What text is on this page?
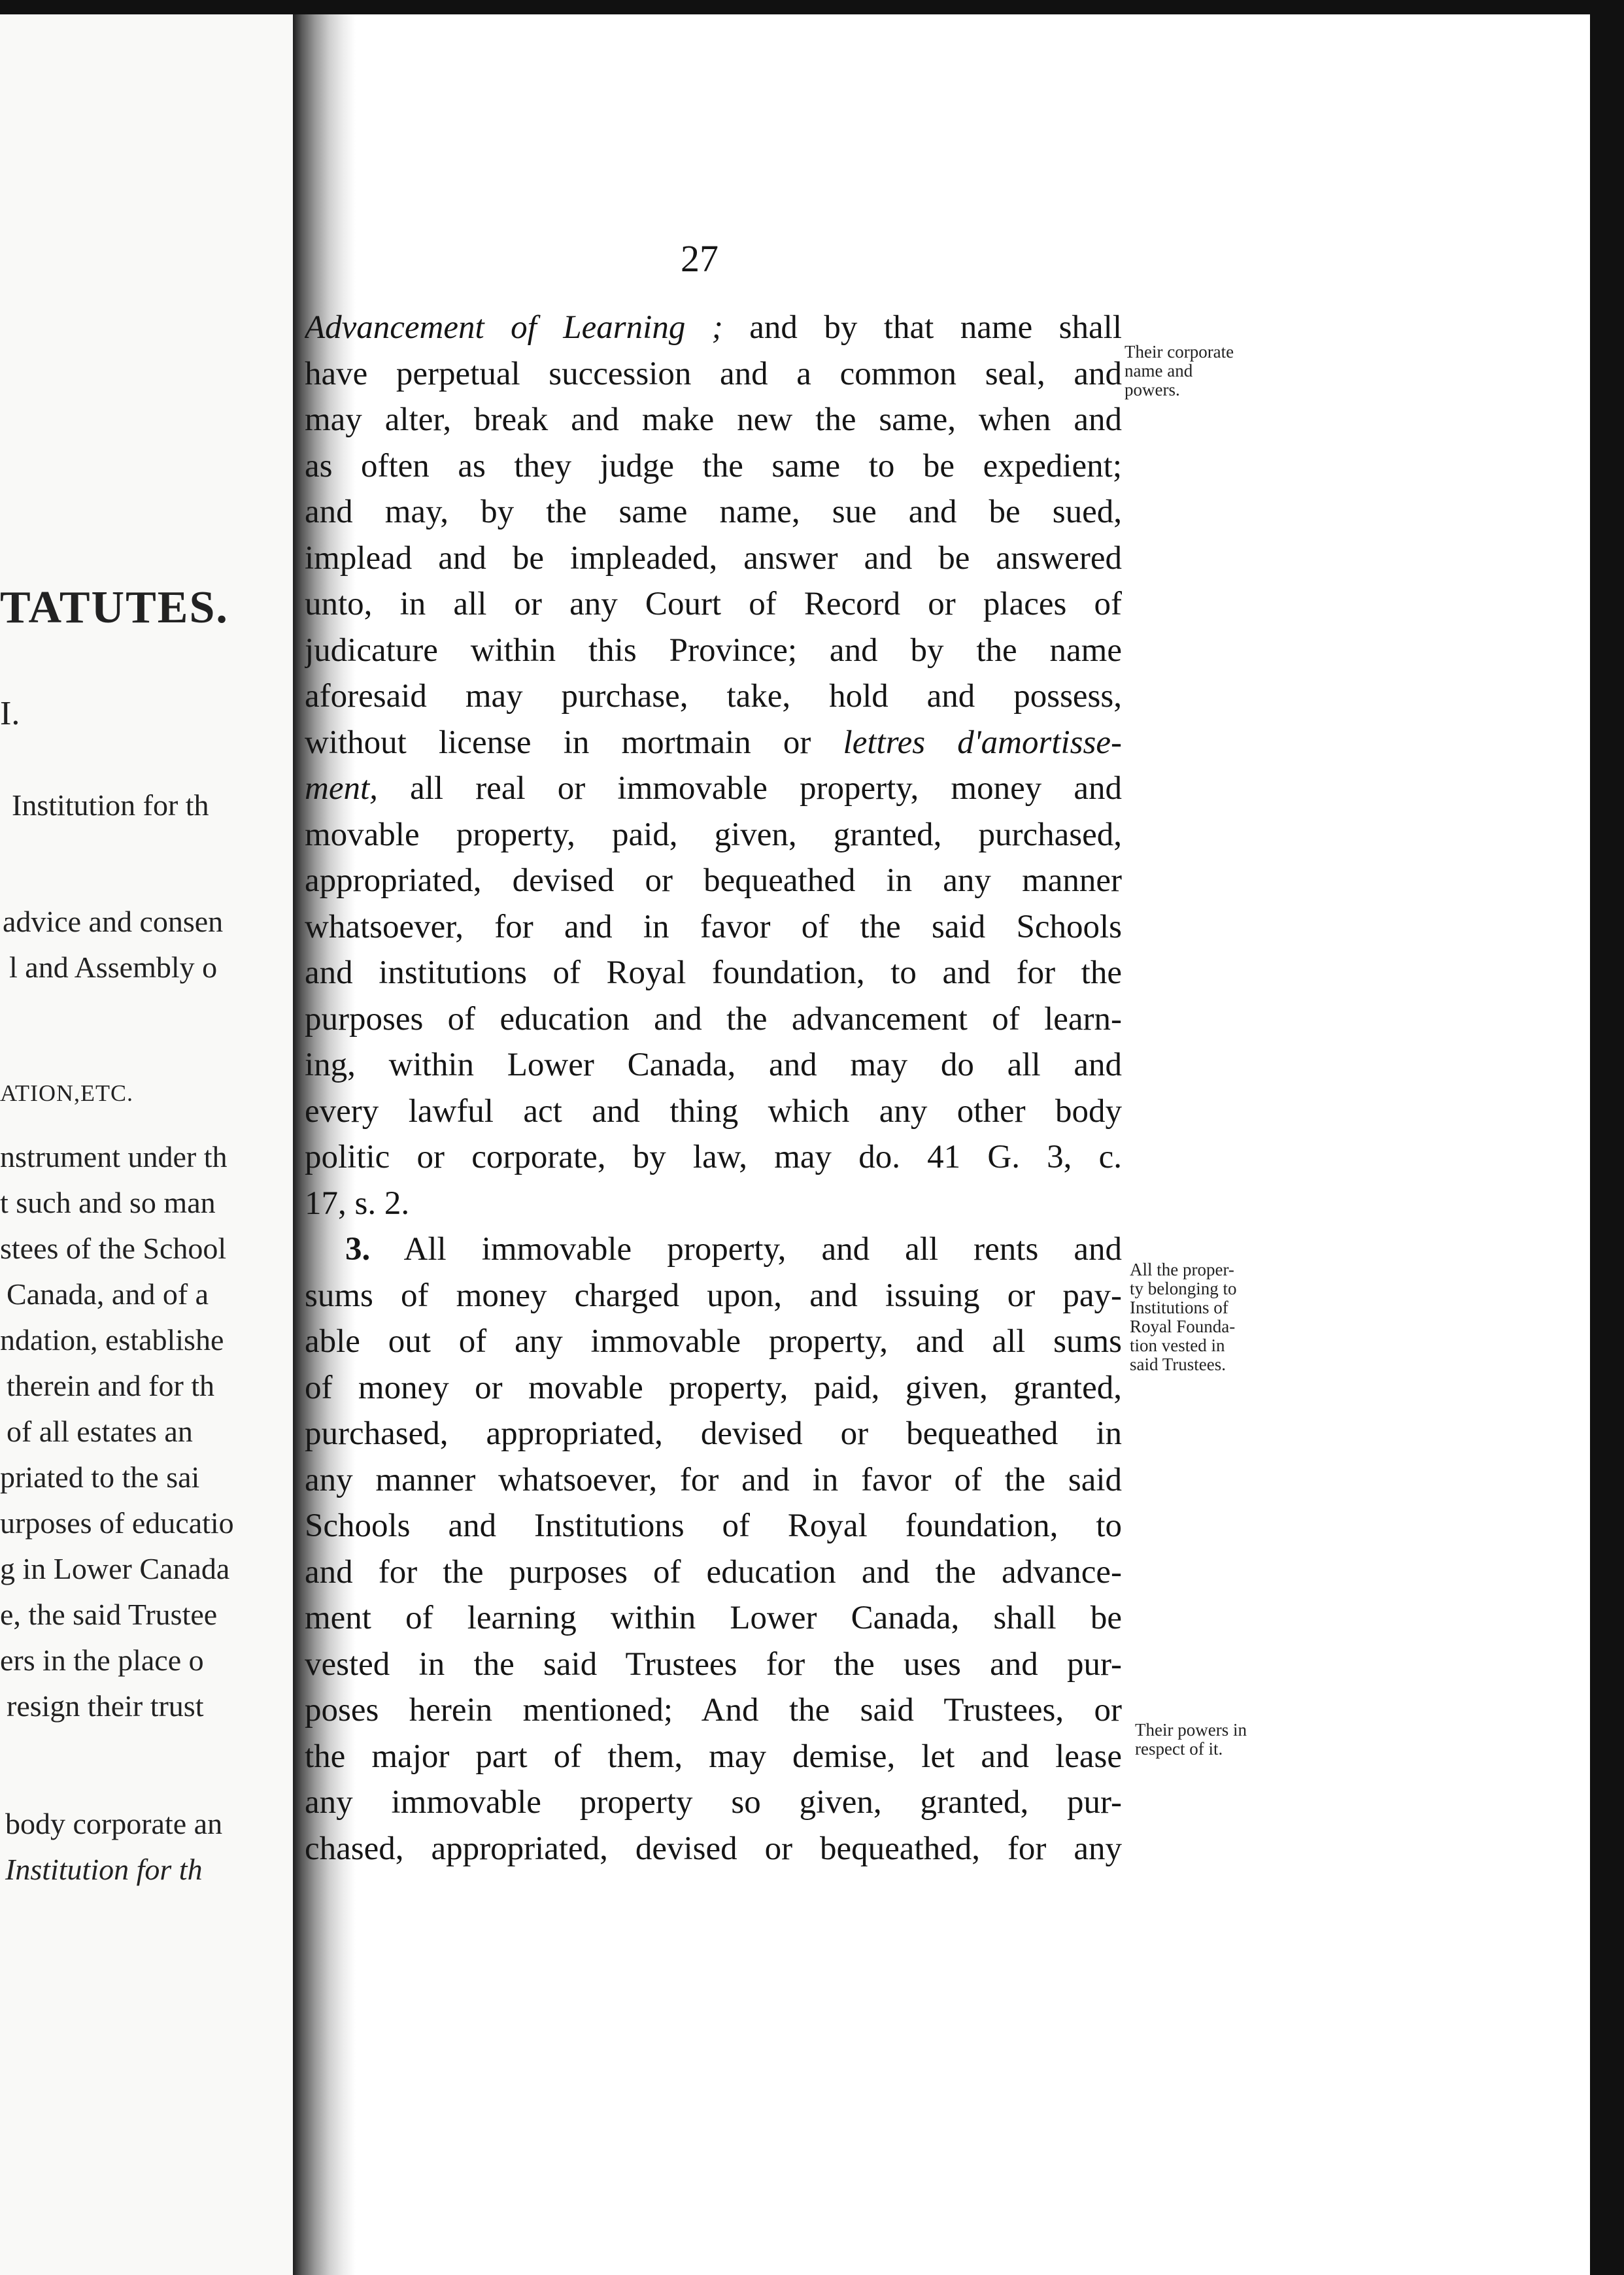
TATUTES.
I.
Institution for th
advice and consen
l and Assembly o
ATION,ETC.
nstrument under th
t such and so man
stees of the School
Canada, and of a
ndation, establishe
therein and for th
of all estates an
priated to the sai
urposes of educatio
g in Lower Canada
e, the said Trustee
ers in the place o
resign their trust
body corporate an
Institution for th
27
Advancement of Learning ; and by that name shall
have perpetual succession and a common seal, and
may alter, break and make new the same, when and
as often as they judge the same to be expedient;
and may, by the same name, sue and be sued,
implead and be impleaded, answer and be answered
unto, in all or any Court of Record or places of
judicature within this Province; and by the name
aforesaid may purchase, take, hold and possess,
without license in mortmain or lettres d'amortisse-
ment, all real or immovable property, money and
movable property, paid, given, granted, purchased,
appropriated, devised or bequeathed in any manner
whatsoever, for and in favor of the said Schools
and institutions of Royal foundation, to and for the
purposes of education and the advancement of learn-
ing, within Lower Canada, and may do all and
every lawful act and thing which any other body
politic or corporate, by law, may do. 41 G. 3, c.
17, s. 2.
3. All immovable property, and all rents and
sums of money charged upon, and issuing or pay-
able out of any immovable property, and all sums
of money or movable property, paid, given, granted,
purchased, appropriated, devised or bequeathed in
any manner whatsoever, for and in favor of the said
Schools and Institutions of Royal foundation, to
and for the purposes of education and the advance-
ment of learning within Lower Canada, shall be
vested in the said Trustees for the uses and pur-
poses herein mentioned; And the said Trustees, or
the major part of them, may demise, let and lease
any immovable property so given, granted, pur-
chased, appropriated, devised or bequeathed, for any
Their corporate
name and
powers.
All the proper-
ty belonging to
Institutions of
Royal Founda-
tion vested in
said Trustees.
Their powers in
respect of it.
